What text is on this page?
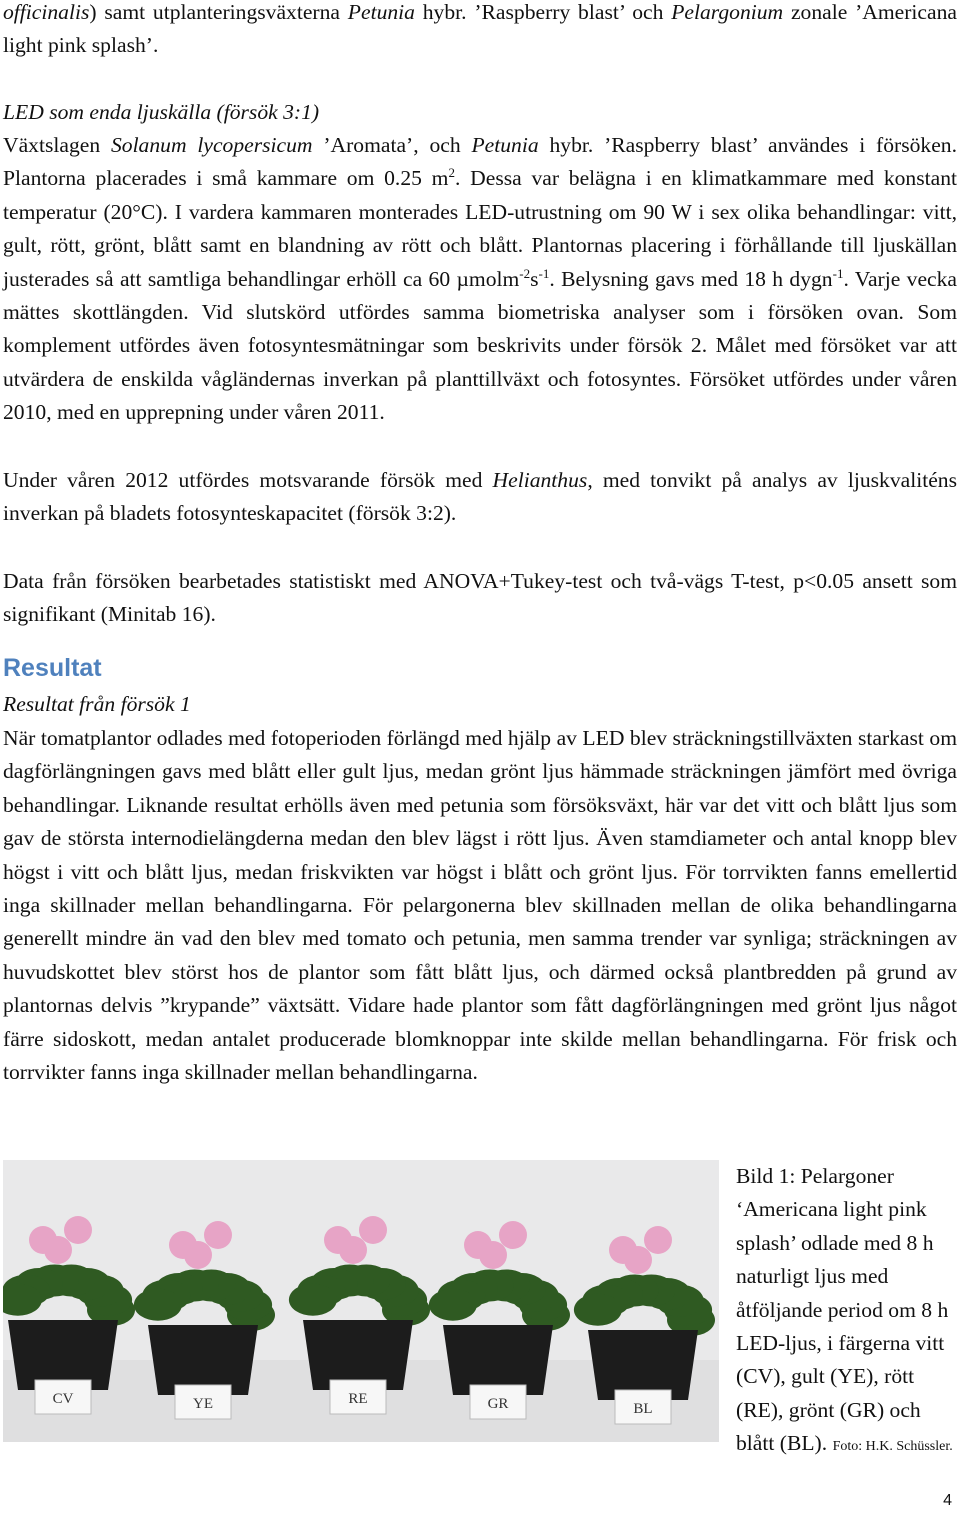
officinalis) samt utplanteringsväxterna Petunia hybr. ’Raspberry blast’ och Pelargonium zonale ’Americana light pink splash’.

LED som enda ljuskälla (försök 3:1)

Växtslagen Solanum lycopersicum ’Aromata’, och Petunia hybr. ’Raspberry blast’ användes i försöken. Plantorna placerades i små kammare om 0.25 $m^2$. Dessa var belägna i en klimatkammare med konstant temperatur (20°C). I vardera kammaren monterades LED-utrustning om 90 W i sex olika behandlingar: vitt, gult, rött, grönt, blått samt en blandning av rött och blått. Plantornas placering i förhållande till ljuskällan justerades så att samtliga behandlingar erhöll ca 60 $\mu molm^{-2}s^{-1}$. Belysning gavs med 18 h dygn$^{-1}$. Varje vecka mättes skottlängden. Vid slutskörd utfördes samma biometriska analyser som i försöken ovan. Som komplement utfördes även fotosyntesmätningar som beskrivits under försök 2. Målet med försöket var att utvärdera de enskilda vågländernas inverkan på planttillväxt och fotosyntes. Försöket utfördes under våren 2010, med en upprepning under våren 2011.

Under våren 2012 utfördes motsvarande försök med Helianthus, med tonvikt på analys av ljuskvaliténs inverkan på bladets fotosynteskapacitet (försök 3:2).

Data från försöken bearbetades statistiskt med ANOVA+Tukey-test och två-vägs T-test, p<0.05 ansett som signifikant (Minitab 16).

Resultat

Resultat från försök 1

När tomatplantor odlades med fotoperioden förlängd med hjälp av LED blev sträckningstillväxten starkast om dagförlängningen gavs med blått eller gult ljus, medan grönt ljus hämmade sträckningen jämfört med övriga behandlingar. Liknande resultat erhölls även med petunia som försöksväxt, här var det vitt och blått ljus som gav de största internodielängderna medan den blev lägst i rött ljus. Även stamdiameter och antal knopp blev högst i vitt och blått ljus, medan friskvikten var högst i blått och grönt ljus. För torrvikten fanns emellertid inga skillnader mellan behandlingarna. För pelargonerna blev skillnaden mellan de olika behandlingarna generellt mindre än vad den blev med tomato och petunia, men samma trender var synliga; sträckningen av huvudskottet blev störst hos de plantor som fått blått ljus, och därmed också plantbredden på grund av plantornas delvis ”krypande” växtsätt. Vidare hade plantor som fått dagförlängningen med grönt ljus något färre sidoskott, medan antalet producerade blomknoppar inte skilde mellan behandlingarna. För frisk och torrvikter fanns inga skillnader mellan behandlingarna.

CV	YE	RE	GR	BL

Bild 1: Pelargoner ‘Americana light pink splash’ odlade med 8 h naturligt ljus med åtföljande period om 8 h LED-ljus, i färgerna vitt (CV), gult (YE), rött (RE), grönt (GR) och blått (BL). Foto: H.K. Schüssler.

4
